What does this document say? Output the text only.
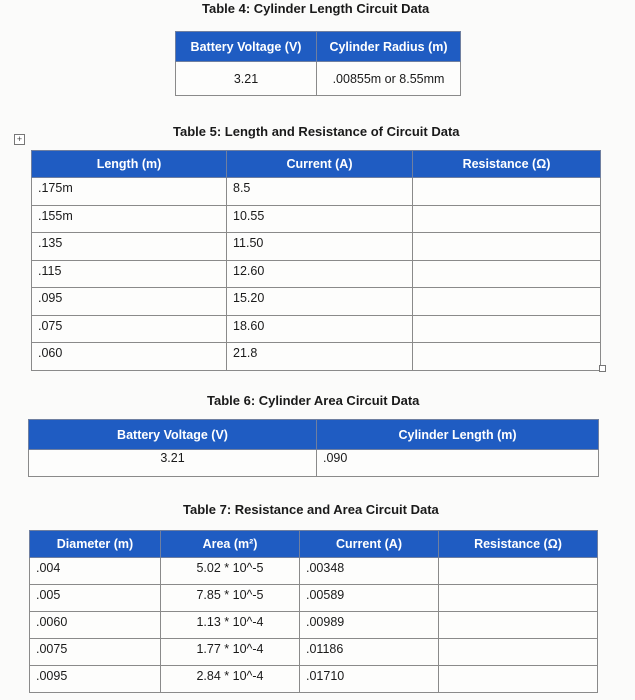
Table 4: Cylinder Length Circuit Data
Battery Voltage (V)	Cylinder Radius (m)
3.21	.00855m or 8.55mm
Table 5: Length and Resistance of Circuit Data
+
Length (m)	Current (A)	Resistance (Ω)
.175m	8.5	
.155m	10.55	
.135	11.50	
.115	12.60	
.095	15.20	
.075	18.60	
.060	21.8	
Table 6: Cylinder Area Circuit Data
Battery Voltage (V)	Cylinder Length (m)
3.21	.090
Table 7: Resistance and Area Circuit Data
Diameter (m)	Area (m²)	Current (A)	Resistance (Ω)
.004	5.02 * 10^-5	.00348	
.005	7.85 * 10^-5	.00589	
.0060	1.13 * 10^-4	.00989	
.0075	1.77 * 10^-4	.01186	
.0095	2.84 * 10^-4	.01710	
